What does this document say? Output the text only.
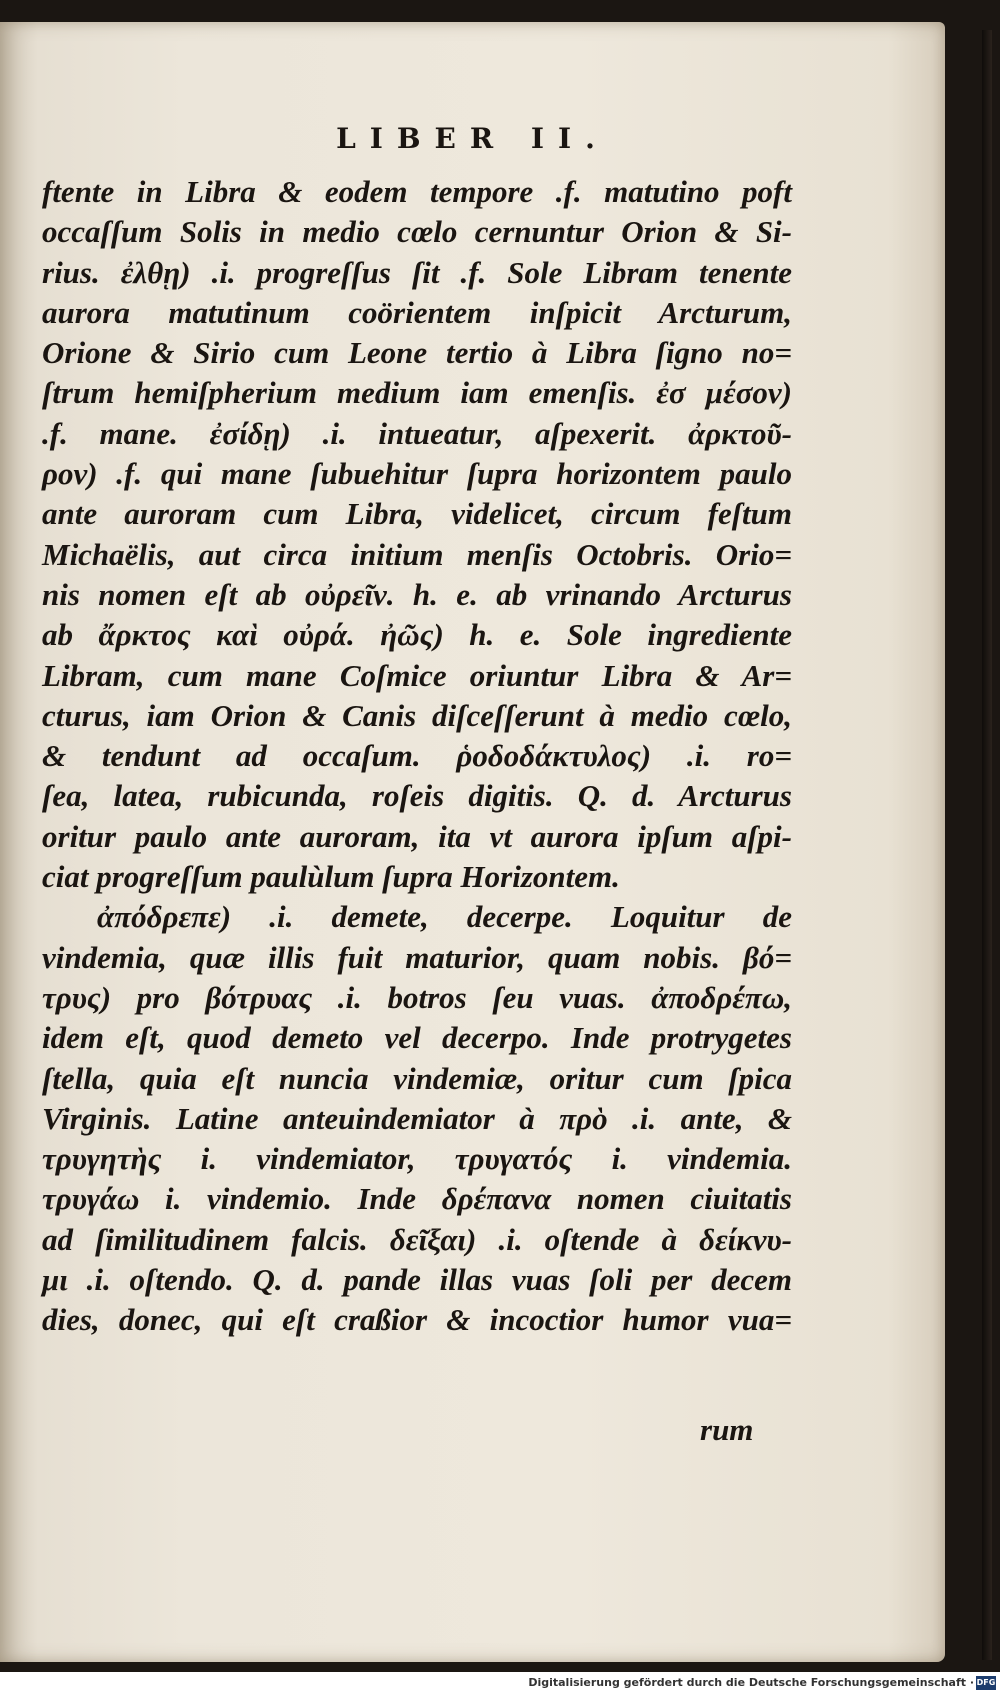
LIBER II.
ftente in Libra & eodem tempore .f. matutino poft
occaſſum Solis in medio cœlo cernuntur Orion & Si-
rius. ἐλθῃ) .i. progreſſus ſit .f. Sole Libram tenente
aurora matutinum coörientem inſpicit Arcturum,
Orione & Sirio cum Leone tertio à Libra ſigno no=
ſtrum hemiſpherium medium iam emenſis. ἐσ μέσον)
.f. mane. ἐσίδῃ) .i. intueatur, aſpexerit. ἀρκτοῦ-
ρον) .f. qui mane ſubuehitur ſupra horizontem paulo
ante auroram cum Libra, videlicet, circum feſtum
Michaëlis, aut circa initium menſis Octobris. Orio=
nis nomen eſt ab οὐρεῖν. h. e. ab vrinando Arcturus
ab ἄρκτος καὶ οὐρά. ἠῶς) h. e. Sole ingrediente
Libram, cum mane Coſmice oriuntur Libra & Ar=
cturus, iam Orion & Canis diſceſſerunt à medio cœlo,
& tendunt ad occaſum. ῥοδοδάκτυλος) .i. ro=
ſea, latea, rubicunda, roſeis digitis. Q. d. Arcturus
oritur paulo ante auroram, ita vt aurora ipſum aſpi-
ciat progreſſum paulùlum ſupra Horizontem.
ἀπόδρεπε) .i. demete, decerpe. Loquitur de
vindemia, quæ illis fuit maturior, quam nobis. βό=
τρυς) pro βότρυας .i. botros ſeu vuas. ἀποδρέπω,
idem eſt, quod demeto vel decerpo. Inde protrygetes
ſtella, quia eſt nuncia vindemiæ, oritur cum ſpica
Virginis. Latine anteuindemiator à πρὸ .i. ante, &
τρυγητὴς i. vindemiator, τρυγατός i. vindemia.
τρυγάω i. vindemio. Inde δρέπανα nomen ciuitatis
ad ſimilitudinem falcis. δεῖξαι) .i. oſtende à δείκνυ-
μι .i. oſtendo. Q. d. pande illas vuas ſoli per decem
dies, donec, qui eſt craßior & incoctior humor vua=
rum
Digitalisierung gefördert durch die Deutsche Forschungsgemeinschaft · DFG
